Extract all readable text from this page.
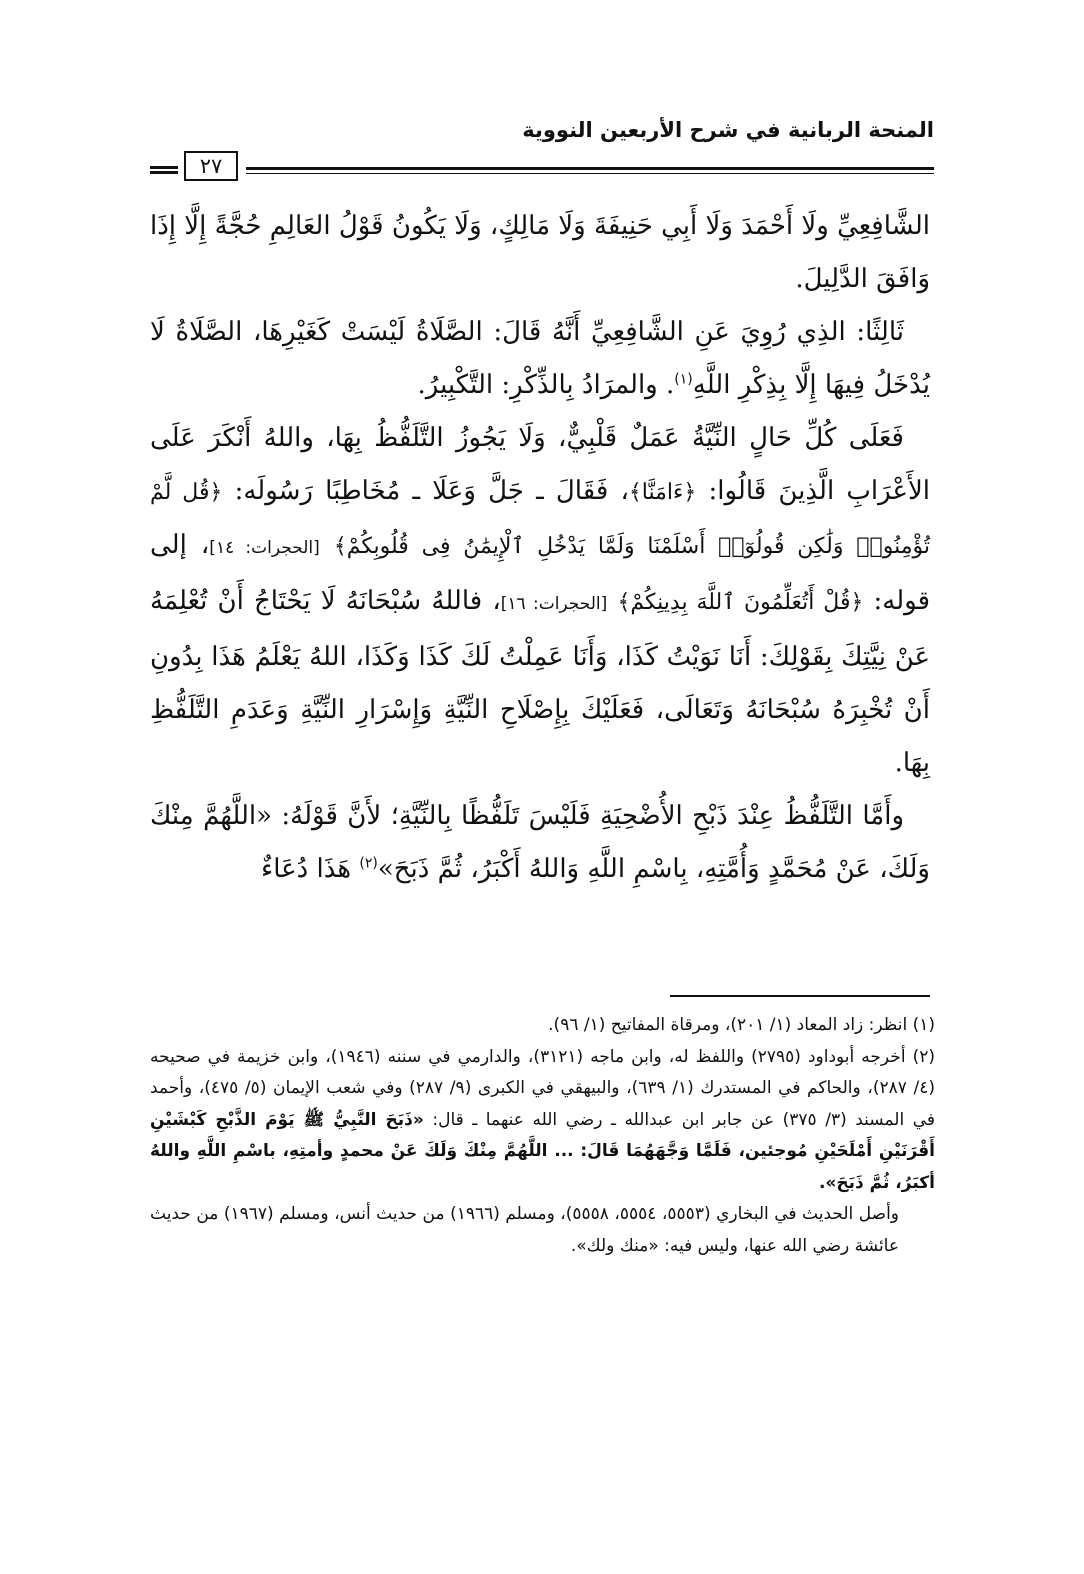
المنحة الربانية في شرح الأربعين النووية
٢٧

الشَّافِعِيِّ ولَا أَحْمَدَ وَلَا أَبِي حَنِيفَةَ وَلَا مَالِكٍ، وَلَا يَكُونُ قَوْلُ العَالِمِ حُجَّةً إِلَّا إِذَا وَافَقَ الدَّلِيلَ.

ثَالِثًا: الذِي رُوِيَ عَنِ الشَّافِعِيِّ أَنَّهُ قَالَ: الصَّلَاةُ لَيْسَتْ كَغَيْرِهَا، الصَّلَاةُ لَا يُدْخَلُ فِيهَا إِلَّا بِذِكْرِ اللَّهِ$^{(١)}$. والمرَادُ بِالذِّكْرِ: التَّكْبِيرُ.

فَعَلَى كُلِّ حَالٍ النِّيَّةُ عَمَلٌ قَلْبِيٌّ، وَلَا يَجُوزُ التَّلَفُّظُ بِهَا، واللهُ أَنْكَرَ عَلَى الأَعْرَابِ الَّذِينَ قَالُوا: ﴿ءَامَنَّا﴾، فَقَالَ ـ جَلَّ وَعَلَا ـ مُخَاطِبًا رَسُولَه: ﴿قُل لَّمْ تُؤْمِنُوا۟ وَلَٰكِن قُولُوٓا۟ أَسْلَمْنَا وَلَمَّا يَدْخُلِ ٱلْإِيمَٰنُ فِى قُلُوبِكُمْ﴾ [الحجرات: ١٤]، إلى قوله: ﴿قُلْ أَتُعَلِّمُونَ ٱللَّهَ بِدِينِكُمْ﴾ [الحجرات: ١٦]، فاللهُ سُبْحَانَهُ لَا يَحْتَاجُ أَنْ تُعْلِمَهُ عَنْ نِيَّتِكَ بِقَوْلِكَ: أَنَا نَوَيْتُ كَذَا، وَأَنَا عَمِلْتُ لَكَ كَذَا وَكَذَا، اللهُ يَعْلَمُ هَذَا بِدُونِ أَنْ تُخْبِرَهُ سُبْحَانَهُ وَتَعَالَى، فَعَلَيْكَ بِإِصْلَاحِ النِّيَّةِ وَإِسْرَارِ النِّيَّةِ وَعَدَمِ التَّلَفُّظِ بِهَا.

وأَمَّا التَّلَفُّظُ عِنْدَ ذَبْحِ الأُضْحِيَةِ فَلَيْسَ تَلَفُّظًا بِالنِّيَّةِ؛ لأَنَّ قَوْلَهُ: «اللَّهُمَّ مِنْكَ وَلَكَ، عَنْ مُحَمَّدٍ وَأُمَّتِهِ، بِاسْمِ اللَّهِ وَاللهُ أَكْبَرُ، ثُمَّ ذَبَحَ»$^{(٢)}$ هَذَا دُعَاءٌ

(١) انظر: زاد المعاد (١/ ٢٠١)، ومرقاة المفاتيح (١/ ٩٦).

(٢) أخرجه أبوداود (٢٧٩٥) واللفظ له، وابن ماجه (٣١٢١)، والدارمي في سننه (١٩٤٦)، وابن خزيمة في صحيحه (٤/ ٢٨٧)، والحاكم في المستدرك (١/ ٦٣٩)، والبيهقي في الكبرى (٩/ ٢٨٧) وفي شعب الإيمان (٥/ ٤٧٥)، وأحمد في المسند (٣/ ٣٧٥) عن جابر ابن عبدالله ـ رضي الله عنهما ـ قال: «ذَبَحَ النَّبِيُّ ﷺ يَوْمَ الذَّبْحِ كَبْشَيْنِ أَقْرَنَيْنِ أَمْلَحَيْنِ مُوجئين، فَلَمَّا وَجَّهَهُمَا قَالَ: ... اللَّهُمَّ مِنْكَ وَلَكَ عَنْ محمدٍ وأمتِهِ، باسْمِ اللَّهِ واللهُ أكبَرُ، ثُمَّ ذَبَحَ».

وأصل الحديث في البخاري (٥٥٥٣، ٥٥٥٤، ٥٥٥٨)، ومسلم (١٩٦٦) من حديث أنس، ومسلم (١٩٦٧) من حديث عائشة رضي الله عنها، وليس فيه: «منك ولك».
